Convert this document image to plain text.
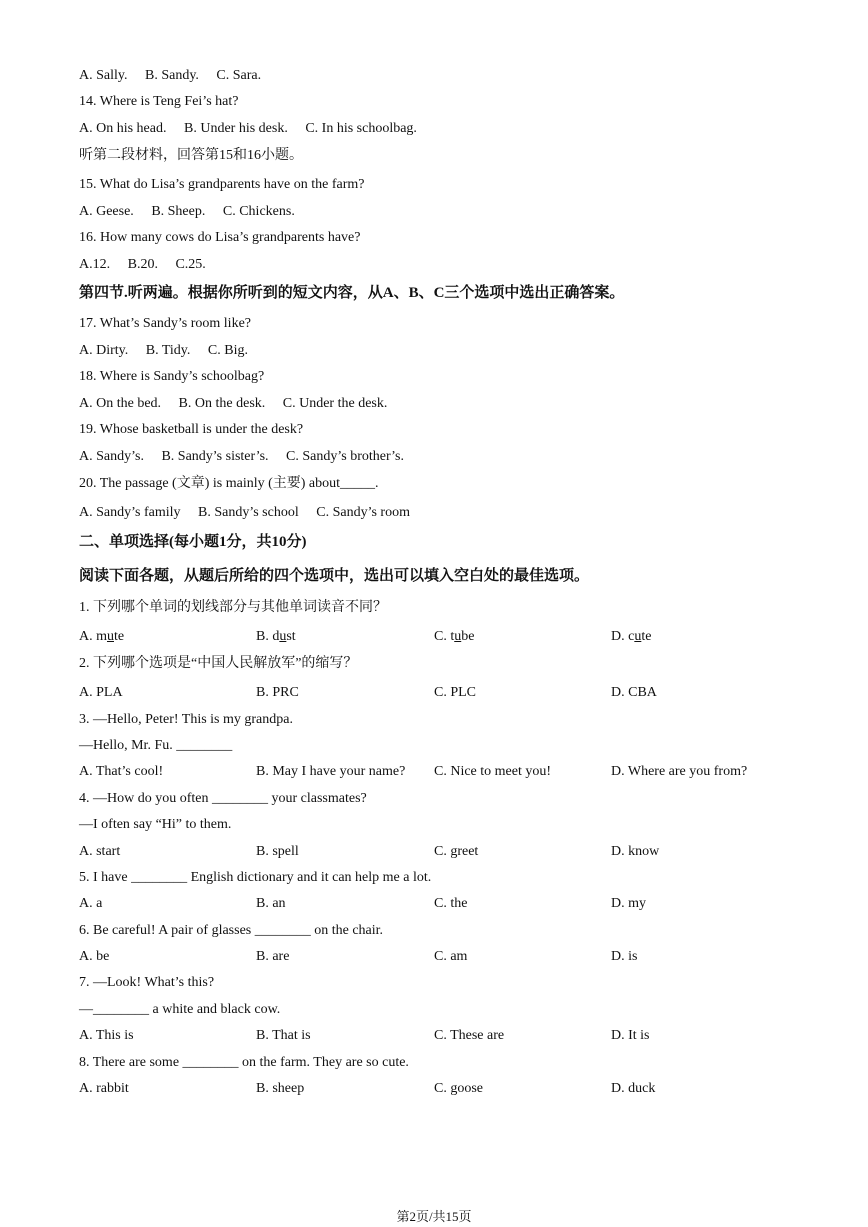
A. Sally. B. Sandy. C. Sara.
14. Where is Teng Fei’s hat?
A. On his head. B. Under his desk. C. In his schoolbag.
听第二段材料，回答第15和16小题。
15. What do Lisa’s grandparents have on the farm?
A. Geese. B. Sheep. C. Chickens.
16. How many cows do Lisa’s grandparents have?
A.12. B.20. C.25.
第四节.听两遍。根据你所听到的短文内容，从A、B、C三个选项中选出正确答案。
17. What’s Sandy’s room like?
A. Dirty. B. Tidy. C. Big.
18. Where is Sandy’s schoolbag?
A. On the bed. B. On the desk. C. Under the desk.
19. Whose basketball is under the desk?
A. Sandy’s. B. Sandy’s sister’s. C. Sandy’s brother’s.
20. The passage (文章) is mainly (主要) about_____.
A. Sandy’s family B. Sandy’s school C. Sandy’s room
二、单项选择(每小题1分，共10分)
阅读下面各题，从题后所给的四个选项中，选出可以填入空白处的最佳选项。
1. 下列哪个单词的划线部分与其他单词读音不同？
A. mute	B. dust	C. tube	D. cute
2. 下列哪个选项是“中国人民解放军”的缩写？
A. PLA	B. PRC	C. PLC	D. CBA
3. —Hello, Peter! This is my grandpa.
—Hello, Mr. Fu. ________
A. That’s cool!	B. May I have your name? C. Nice to meet you!	D. Where are you from?
4. —How do you often ________ your classmates?
—I often say “Hi” to them.
A. start	B. spell	C. greet	D. know
5. I have ________ English dictionary and it can help me a lot.
A. a	B. an	C. the	D. my
6. Be careful! A pair of glasses ________ on the chair.
A. be	B. are	C. am	D. is
7. —Look! What’s this?
—________ a white and black cow.
A. This is	B. That is	C. These are	D. It is
8. There are some ________ on the farm. They are so cute.
A. rabbit	B. sheep	C. goose	D. duck
第2页/共15页
